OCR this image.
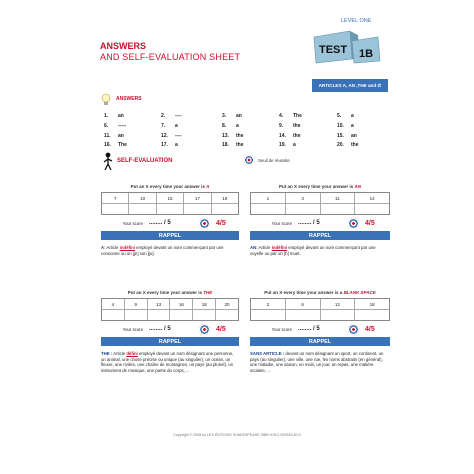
ANSWERS
AND SELF-EVALUATION SHEET
LEVEL ONE
TEST 1B
ARTICLES A, AN ,THE and ∅
ANSWERS
1. an	2. ----	3. an	4. The	5. a
6. -----	7. a	8. a	9. the	10. a
11. an	12. ----	13. the	14. the	15. an
16. The	17. a	18. the	19. a	20. the
SELF-EVALUATION	Seuil de réussite
Put an X every time your answer is A
7	10	15	17	19
Your score ........ / 5	4/5
RAPPEL
A: Article indéfini employé devant un nom commençant par une consonne ou un [je] son [ju].
Put an X every time your answer is AN
1	3	11	14
Your score ........ / 5	4/5
RAPPEL
AN: Article indéfini employé devant un nom commençant par une voyelle ou par un [h] muet.
Put an X every time your answer is THE
4	9	13	16	18	20
Your score ........ / 5	4/5
RAPPEL
THE : Article défini employé devant un nom désignant une personne, un animal, une chose précise ou unique (au singulier), un océan, un fleuve, une rivière, une chaîne de montagnes, un pays (au pluriel), un instrument de musique, une partie du corps, ...
Put an X every time your answer is a BLANK SPACE
2	6	12	18
Your score ........ / 5	4/5
RAPPEL
SANS ARTICLE : devant un nom désignant un sport, un continent, un pays (au singulier), une ville, une rue, les noms abstraits (en général), une maladie, une saison, un mois, un jour, un repas, une matière scolaire, ...
Copyright © 2008 by LES ÉDITIONS SHAKESPEARE ISBN 978-2-920933-40-9
